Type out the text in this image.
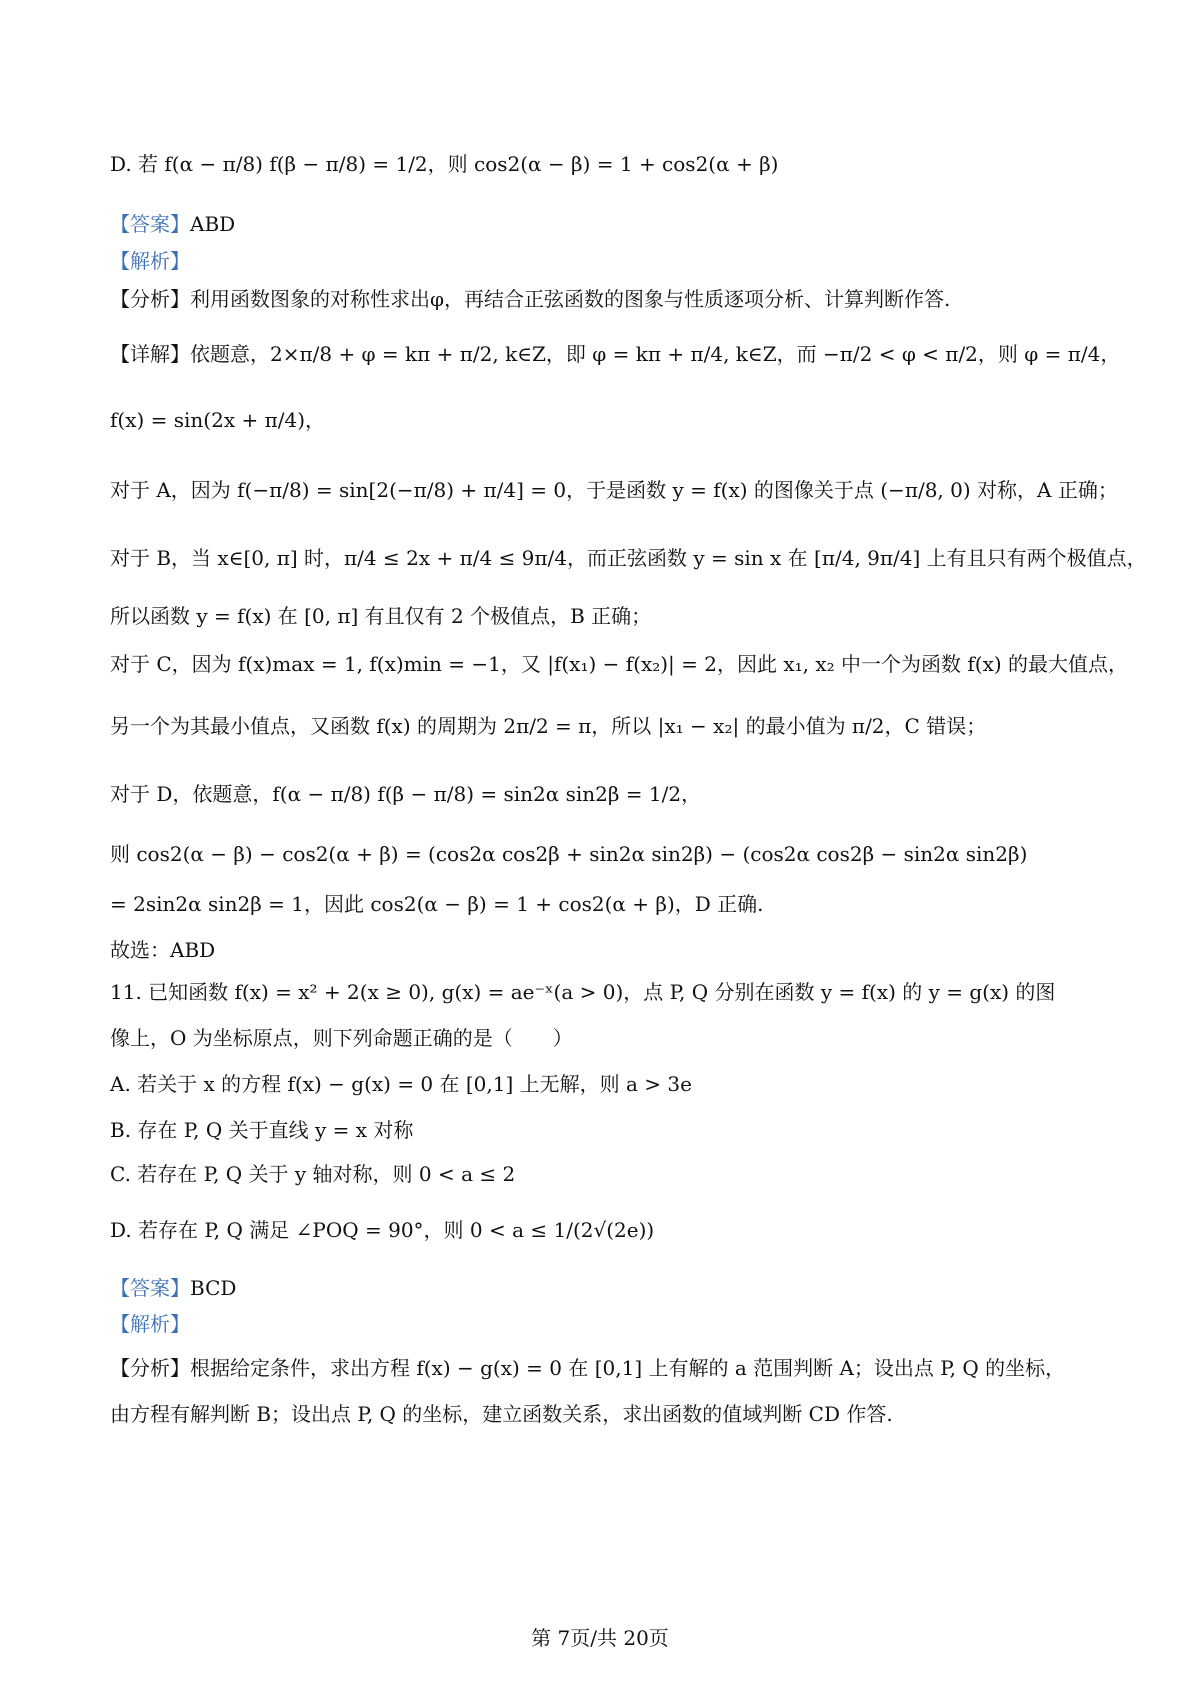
D. 若 f(α − π/8) f(β − π/8) = 1/2，则 cos2(α − β) = 1 + cos2(α + β)
【答案】ABD
【解析】
【分析】利用函数图象的对称性求出φ，再结合正弦函数的图象与性质逐项分析、计算判断作答.
【详解】依题意，2×π/8 + φ = kπ + π/2, k∈Z，即 φ = kπ + π/4, k∈Z，而 −π/2 < φ < π/2，则 φ = π/4，
f(x) = sin(2x + π/4)，
对于 A，因为 f(−π/8) = sin[2(−π/8) + π/4] = 0，于是函数 y = f(x) 的图像关于点 (−π/8, 0) 对称，A 正确；
对于 B，当 x∈[0, π] 时，π/4 ≤ 2x + π/4 ≤ 9π/4，而正弦函数 y = sin x 在 [π/4, 9π/4] 上有且只有两个极值点，
所以函数 y = f(x) 在 [0, π] 有且仅有 2 个极值点，B 正确；
对于 C，因为 f(x)max = 1, f(x)min = −1，又 |f(x₁) − f(x₂)| = 2，因此 x₁, x₂ 中一个为函数 f(x) 的最大值点，
另一个为其最小值点，又函数 f(x) 的周期为 2π/2 = π，所以 |x₁ − x₂| 的最小值为 π/2，C 错误；
对于 D，依题意，f(α − π/8) f(β − π/8) = sin2α sin2β = 1/2，
则 cos2(α − β) − cos2(α + β) = (cos2α cos2β + sin2α sin2β) − (cos2α cos2β − sin2α sin2β)
= 2sin2α sin2β = 1，因此 cos2(α − β) = 1 + cos2(α + β)，D 正确.
故选：ABD
11. 已知函数 f(x) = x² + 2(x ≥ 0), g(x) = ae⁻ˣ(a > 0)，点 P, Q 分别在函数 y = f(x) 的 y = g(x) 的图
像上，O 为坐标原点，则下列命题正确的是（　　）
A. 若关于 x 的方程 f(x) − g(x) = 0 在 [0,1] 上无解，则 a > 3e
B. 存在 P, Q 关于直线 y = x 对称
C. 若存在 P, Q 关于 y 轴对称，则 0 < a ≤ 2
D. 若存在 P, Q 满足 ∠POQ = 90°，则 0 < a ≤ 1/(2√(2e))
【答案】BCD
【解析】
【分析】根据给定条件，求出方程 f(x) − g(x) = 0 在 [0,1] 上有解的 a 范围判断 A；设出点 P, Q 的坐标，
由方程有解判断 B；设出点 P, Q 的坐标，建立函数关系，求出函数的值域判断 CD 作答.
第 7页/共 20页
